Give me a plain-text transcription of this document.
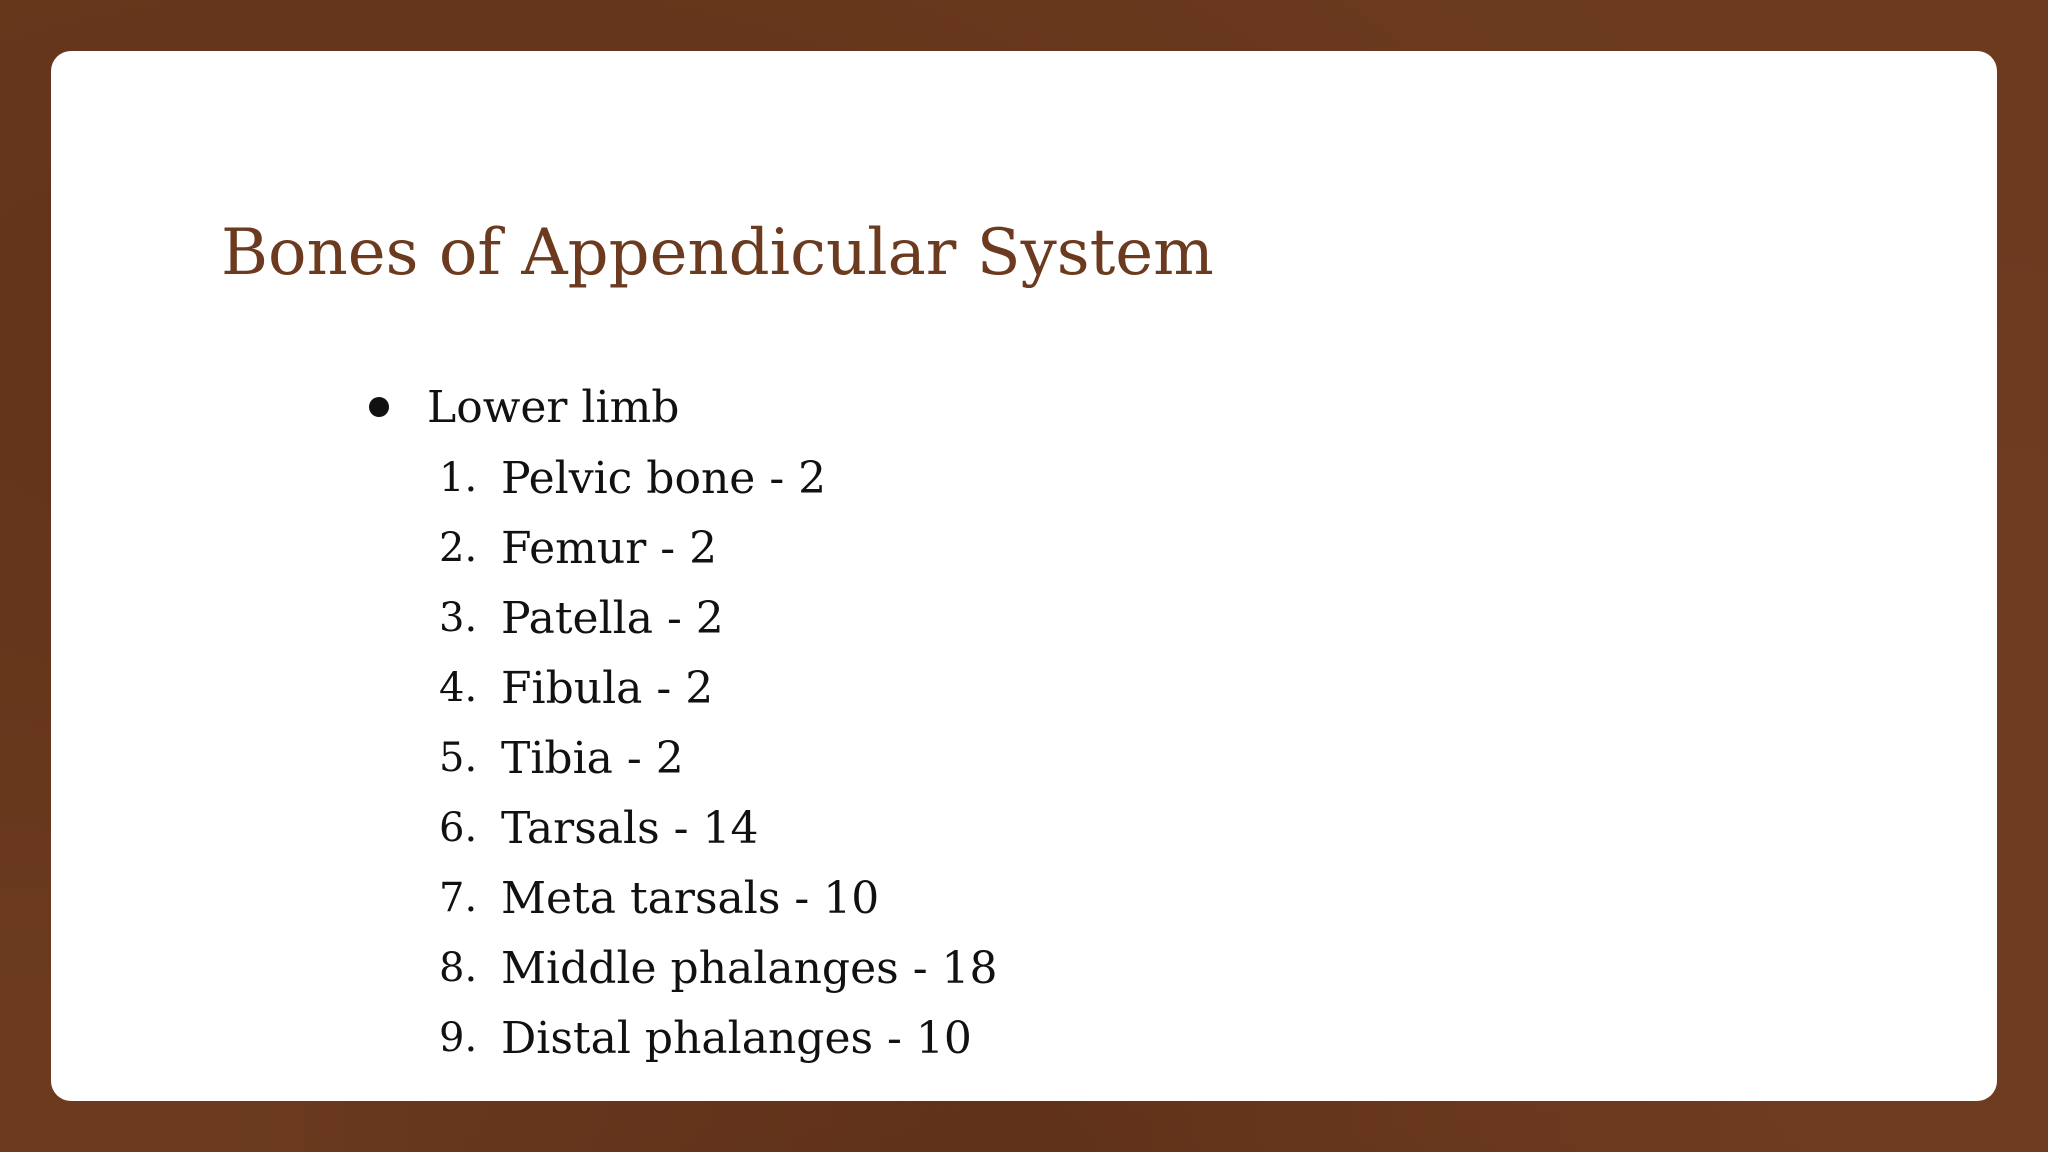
Bones of Appendicular System
Lower limb
1. Pelvic bone - 2
2. Femur - 2
3. Patella - 2
4. Fibula - 2
5. Tibia - 2
6. Tarsals - 14
7. Meta tarsals - 10
8. Middle phalanges - 18
9. Distal phalanges - 10
